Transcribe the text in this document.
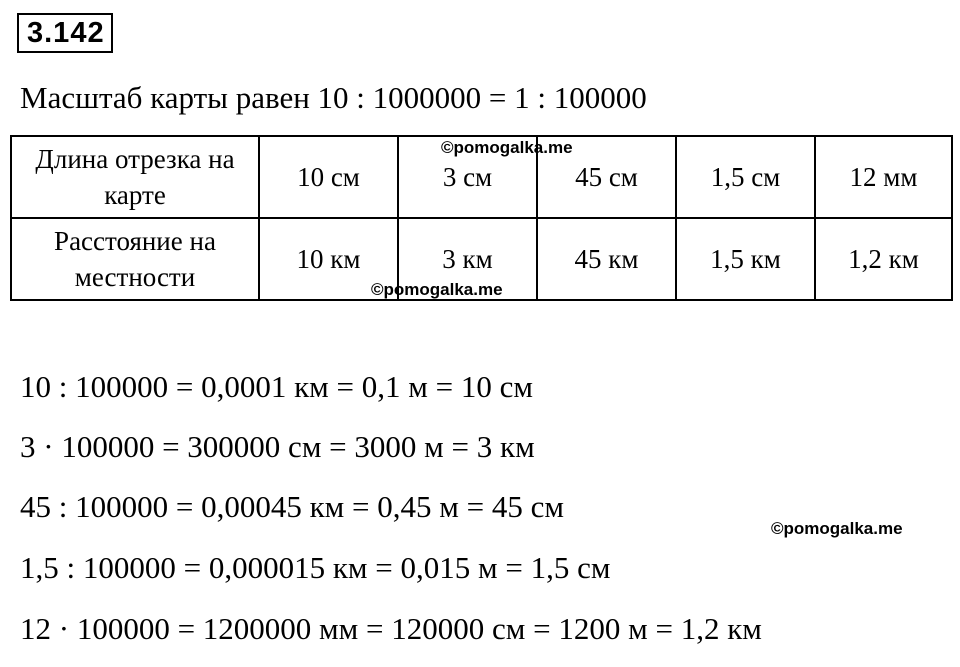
3.142
Масштаб карты равен 10 : 1000000 = 1 : 100000
Длина отрезка на карте	10 см	3 см	45 см	1,5 см	12 мм
Расстояние на местности	10 км	3 км	45 км	1,5 км	1,2 км
©pomogalka.me
©pomogalka.me
©pomogalka.me
10 : 100000 = 0,0001 км = 0,1 м = 10 см
3 · 100000 = 300000 см = 3000 м = 3 км
45 : 100000 = 0,00045 км = 0,45 м = 45 см
1,5 : 100000 = 0,000015 км = 0,015 м = 1,5 см
12 · 100000 = 1200000 мм = 120000 см = 1200 м = 1,2 км
